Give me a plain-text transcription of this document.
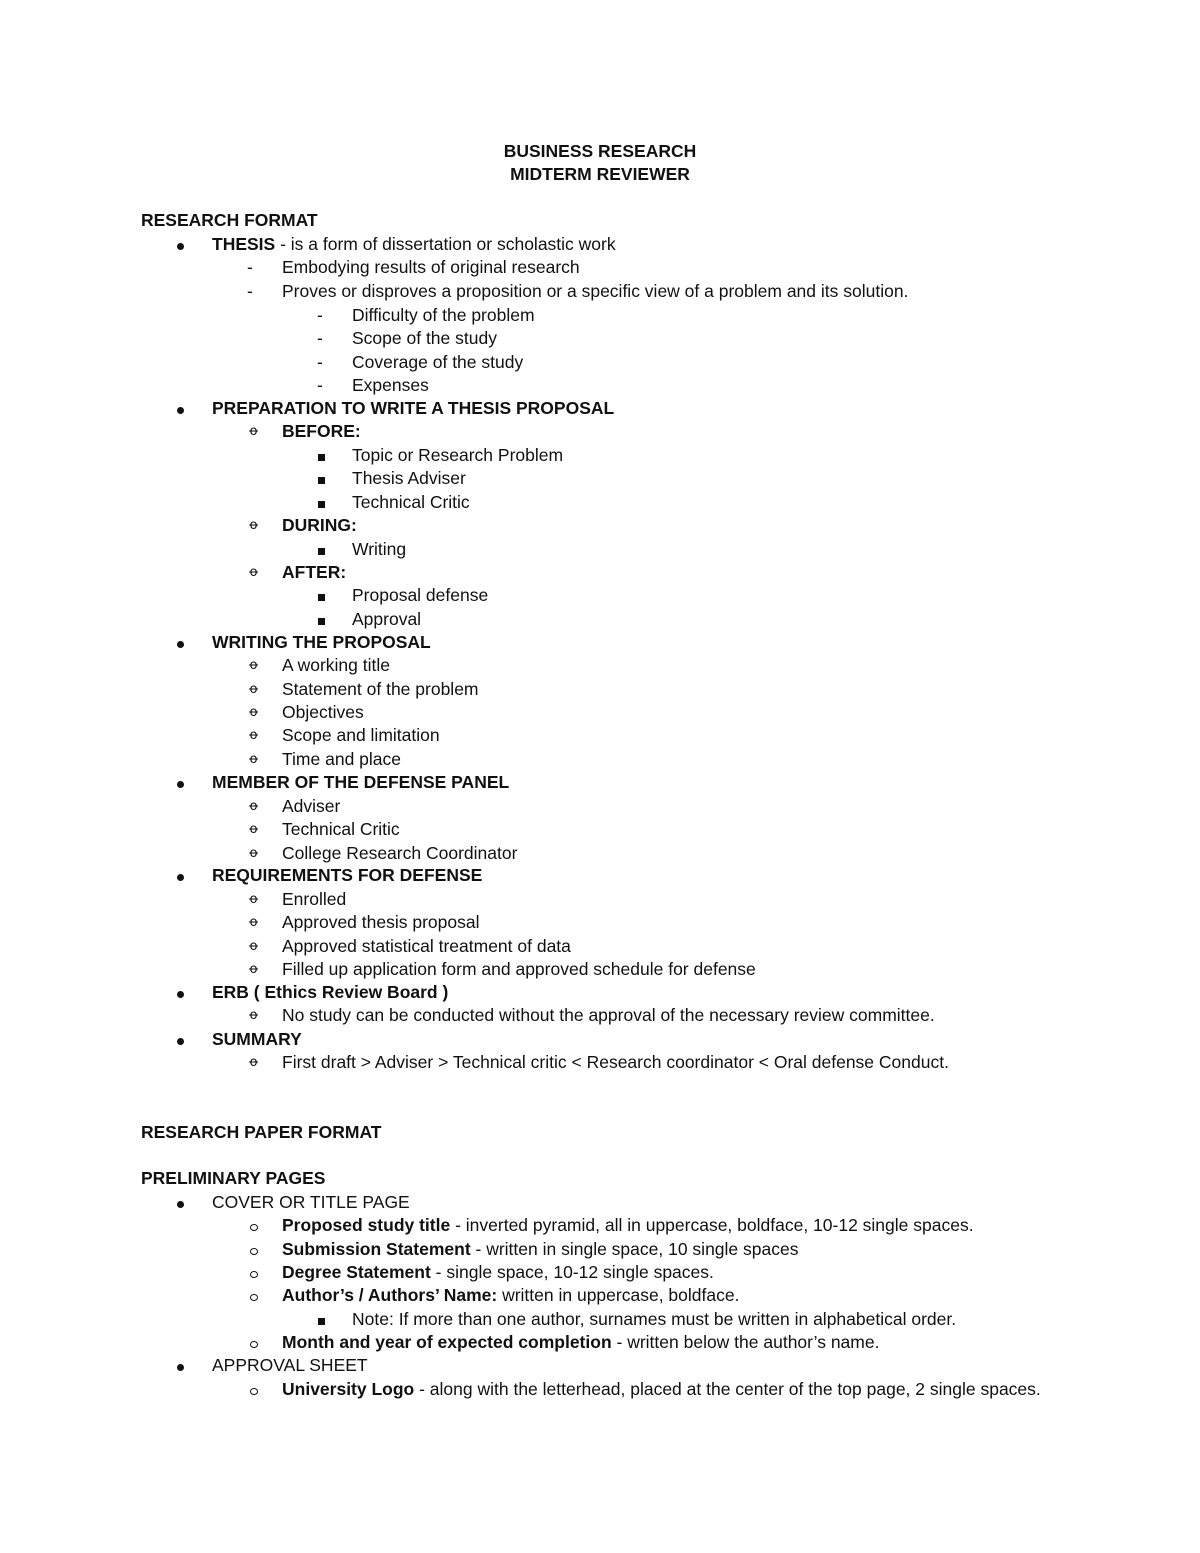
BUSINESS RESEARCH
MIDTERM REVIEWER
RESEARCH FORMAT
THESIS - is a form of dissertation or scholastic work
- Embodying results of original research
- Proves or disproves a proposition or a specific view of a problem and its solution.
- Difficulty of the problem
- Scope of the study
- Coverage of the study
- Expenses
PREPARATION TO WRITE A THESIS PROPOSAL
ꝋ BEFORE:
Topic or Research Problem
Thesis Adviser
Technical Critic
ꝋ DURING:
Writing
ꝋ AFTER:
Proposal defense
Approval
WRITING THE PROPOSAL
ꝋ A working title
ꝋ Statement of the problem
ꝋ Objectives
ꝋ Scope and limitation
ꝋ Time and place
MEMBER OF THE DEFENSE PANEL
ꝋ Adviser
ꝋ Technical Critic
ꝋ College Research Coordinator
REQUIREMENTS FOR DEFENSE
ꝋ Enrolled
ꝋ Approved thesis proposal
ꝋ Approved statistical treatment of data
ꝋ Filled up application form and approved schedule for defense
ERB ( Ethics Review Board )
ꝋ No study can be conducted without the approval of the necessary review committee.
SUMMARY
ꝋ First draft > Adviser > Technical critic < Research coordinator < Oral defense Conduct.
RESEARCH PAPER FORMAT
PRELIMINARY PAGES
COVER OR TITLE PAGE
Proposed study title - inverted pyramid, all in uppercase, boldface, 10-12 single spaces.
Submission Statement - written in single space, 10 single spaces
Degree Statement - single space, 10-12 single spaces.
Author’s / Authors’ Name: written in uppercase, boldface.
Note: If more than one author, surnames must be written in alphabetical order.
Month and year of expected completion - written below the author’s name.
APPROVAL SHEET
University Logo - along with the letterhead, placed at the center of the top page, 2 single spaces.
